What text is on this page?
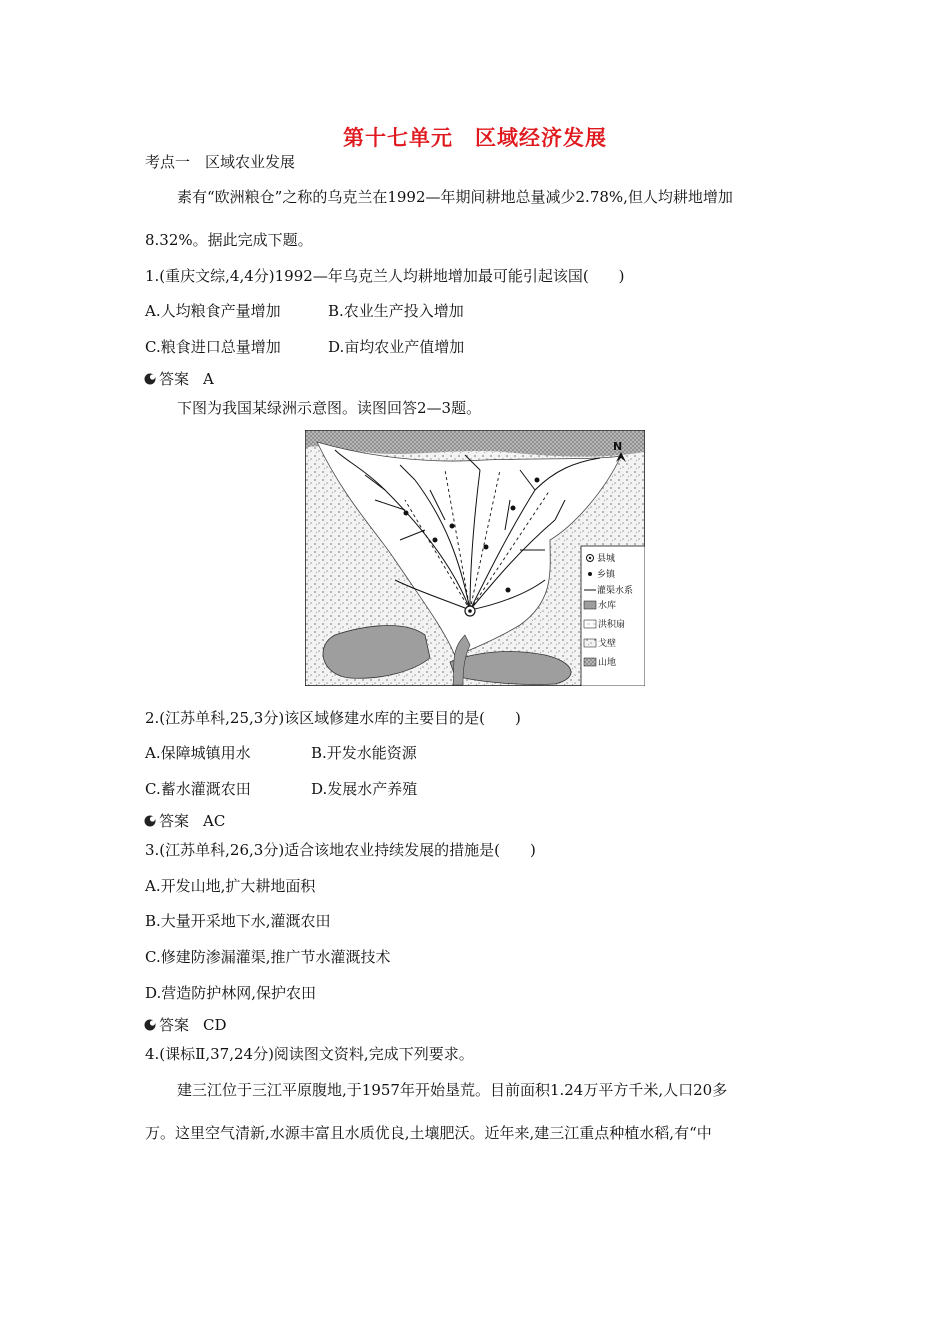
第十七单元　区域经济发展
考点一　区域农业发展
素有“欧洲粮仓”之称的乌克兰在1992—年期间耕地总量减少2.78%,但人均耕地增加
8.32%。据此完成下题。
1.(重庆文综,4,4分)1992—年乌克兰人均耕地增加最可能引起该国(　　)
A.人均粮食产量增加	B.农业生产投入增加
C.粮食进口总量增加	D.亩均农业产值增加
答案 A
下图为我国某绿洲示意图。读图回答2—3题。
N
县城
乡镇
灌渠水系
水库
洪积扇
戈壁
山地
2.(江苏单科,25,3分)该区域修建水库的主要目的是(　　)
A.保障城镇用水	B.开发水能资源
C.蓄水灌溉农田	D.发展水产养殖
答案 AC
3.(江苏单科,26,3分)适合该地农业持续发展的措施是(　　)
A.开发山地,扩大耕地面积
B.大量开采地下水,灌溉农田
C.修建防渗漏灌渠,推广节水灌溉技术
D.营造防护林网,保护农田
答案 CD
4.(课标Ⅱ,37,24分)阅读图文资料,完成下列要求。
建三江位于三江平原腹地,于1957年开始垦荒。目前面积1.24万平方千米,人口20多
万。这里空气清新,水源丰富且水质优良,土壤肥沃。近年来,建三江重点种植水稻,有“中
